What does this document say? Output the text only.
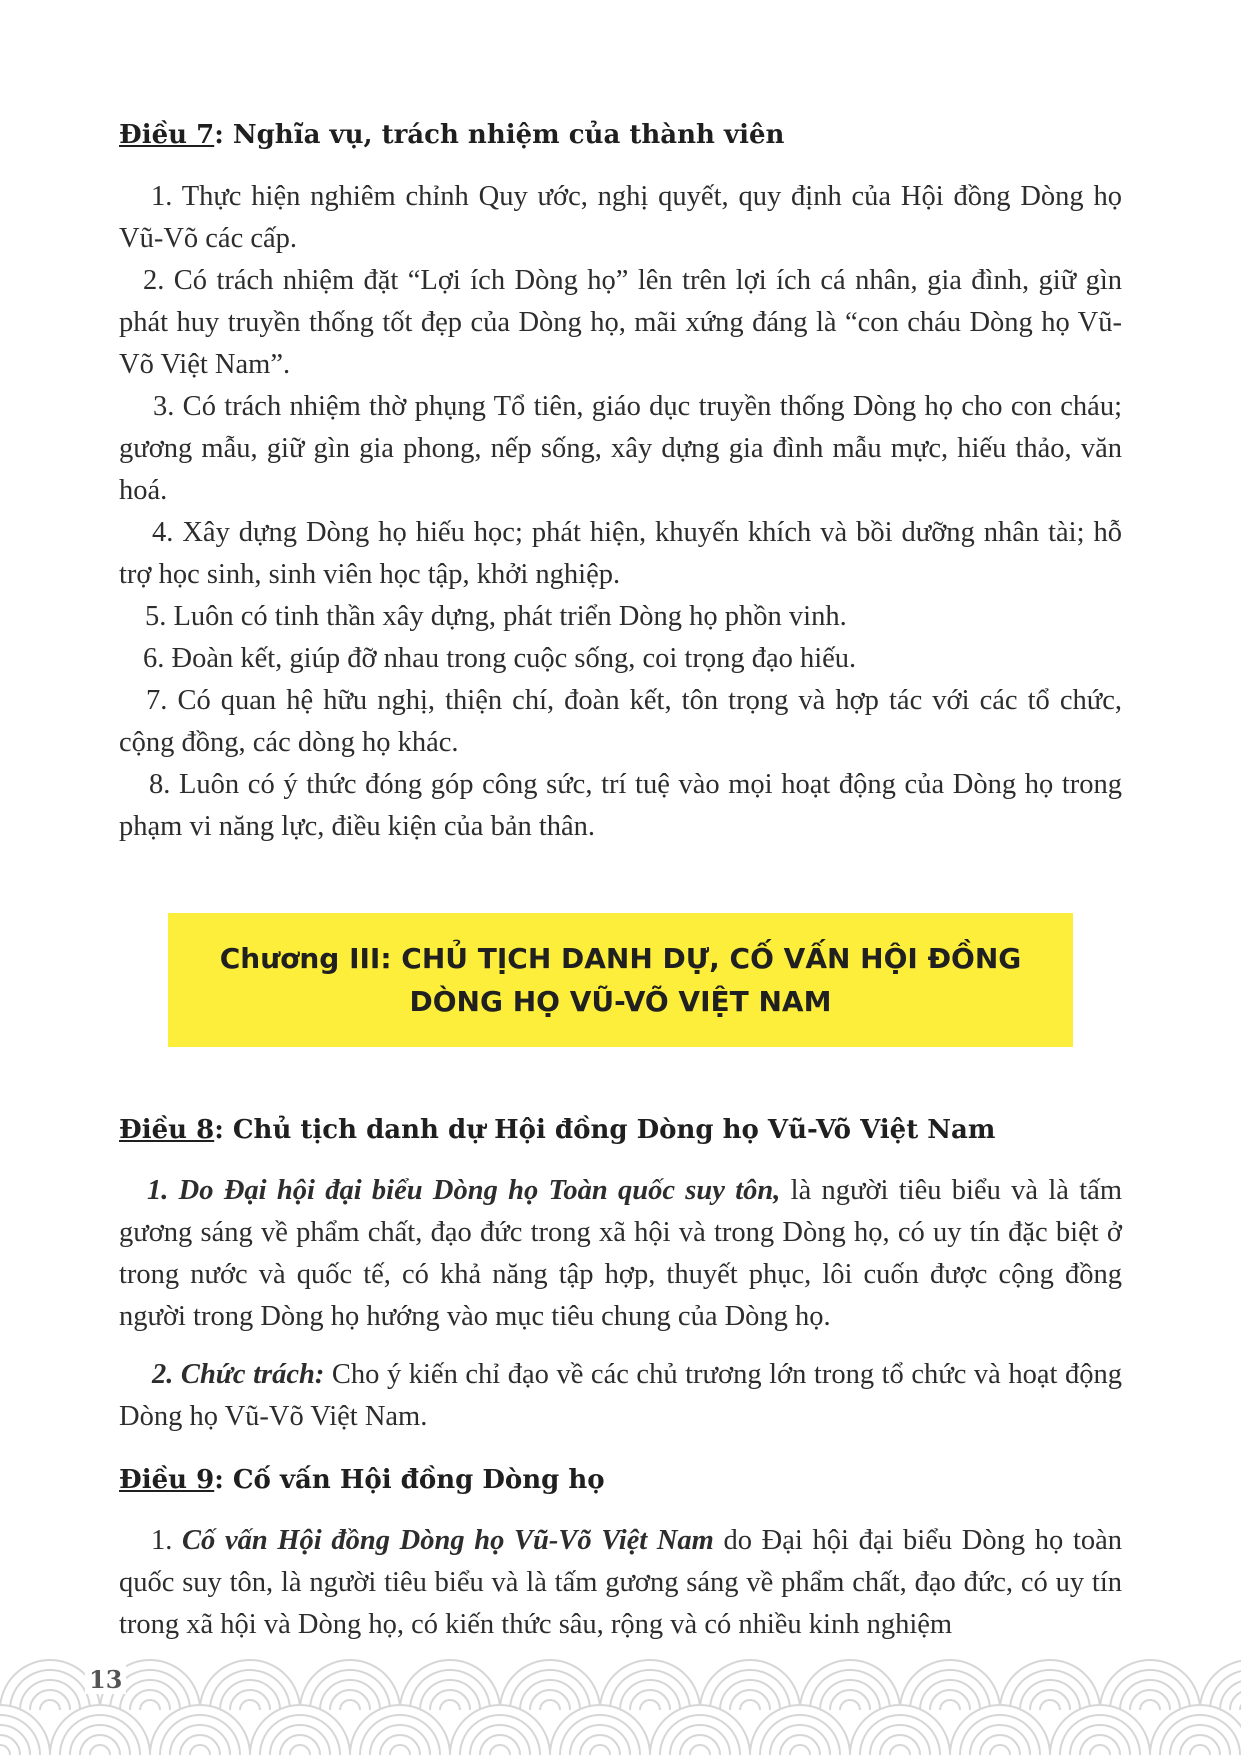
Điều 7: Nghĩa vụ, trách nhiệm của thành viên
1. Thực hiện nghiêm chỉnh Quy ước, nghị quyết, quy định của Hội đồng Dòng họ Vũ-Võ các cấp.
2. Có trách nhiệm đặt “Lợi ích Dòng họ” lên trên lợi ích cá nhân, gia đình, giữ gìn phát huy truyền thống tốt đẹp của Dòng họ, mãi xứng đáng là “con cháu Dòng họ Vũ-Võ Việt Nam”.
3. Có trách nhiệm thờ phụng Tổ tiên, giáo dục truyền thống Dòng họ cho con cháu; gương mẫu, giữ gìn gia phong, nếp sống, xây dựng gia đình mẫu mực, hiếu thảo, văn hoá.
4. Xây dựng Dòng họ hiếu học; phát hiện, khuyến khích và bồi dưỡng nhân tài; hỗ trợ học sinh, sinh viên học tập, khởi nghiệp.
5. Luôn có tinh thần xây dựng, phát triển Dòng họ phồn vinh.
6. Đoàn kết, giúp đỡ nhau trong cuộc sống, coi trọng đạo hiếu.
7. Có quan hệ hữu nghị, thiện chí, đoàn kết, tôn trọng và hợp tác với các tổ chức, cộng đồng, các dòng họ khác.
8. Luôn có ý thức đóng góp công sức, trí tuệ vào mọi hoạt động của Dòng họ trong phạm vi năng lực, điều kiện của bản thân.
Chương III: CHỦ TỊCH DANH DỰ, CỐ VẤN HỘI ĐỒNG
DÒNG HỌ VŨ-VÕ VIỆT NAM
Điều 8: Chủ tịch danh dự Hội đồng Dòng họ Vũ-Võ Việt Nam
1. Do Đại hội đại biểu Dòng họ Toàn quốc suy tôn, là người tiêu biểu và là tấm gương sáng về phẩm chất, đạo đức trong xã hội và trong Dòng họ, có uy tín đặc biệt ở trong nước và quốc tế, có khả năng tập hợp, thuyết phục, lôi cuốn được cộng đồng người trong Dòng họ hướng vào mục tiêu chung của Dòng họ.
2. Chức trách: Cho ý kiến chỉ đạo về các chủ trương lớn trong tổ chức và hoạt động Dòng họ Vũ-Võ Việt Nam.
Điều 9: Cố vấn Hội đồng Dòng họ
1. Cố vấn Hội đồng Dòng họ Vũ-Võ Việt Nam do Đại hội đại biểu Dòng họ toàn quốc suy tôn, là người tiêu biểu và là tấm gương sáng về phẩm chất, đạo đức, có uy tín trong xã hội và Dòng họ, có kiến thức sâu, rộng và có nhiều kinh nghiệm
13
